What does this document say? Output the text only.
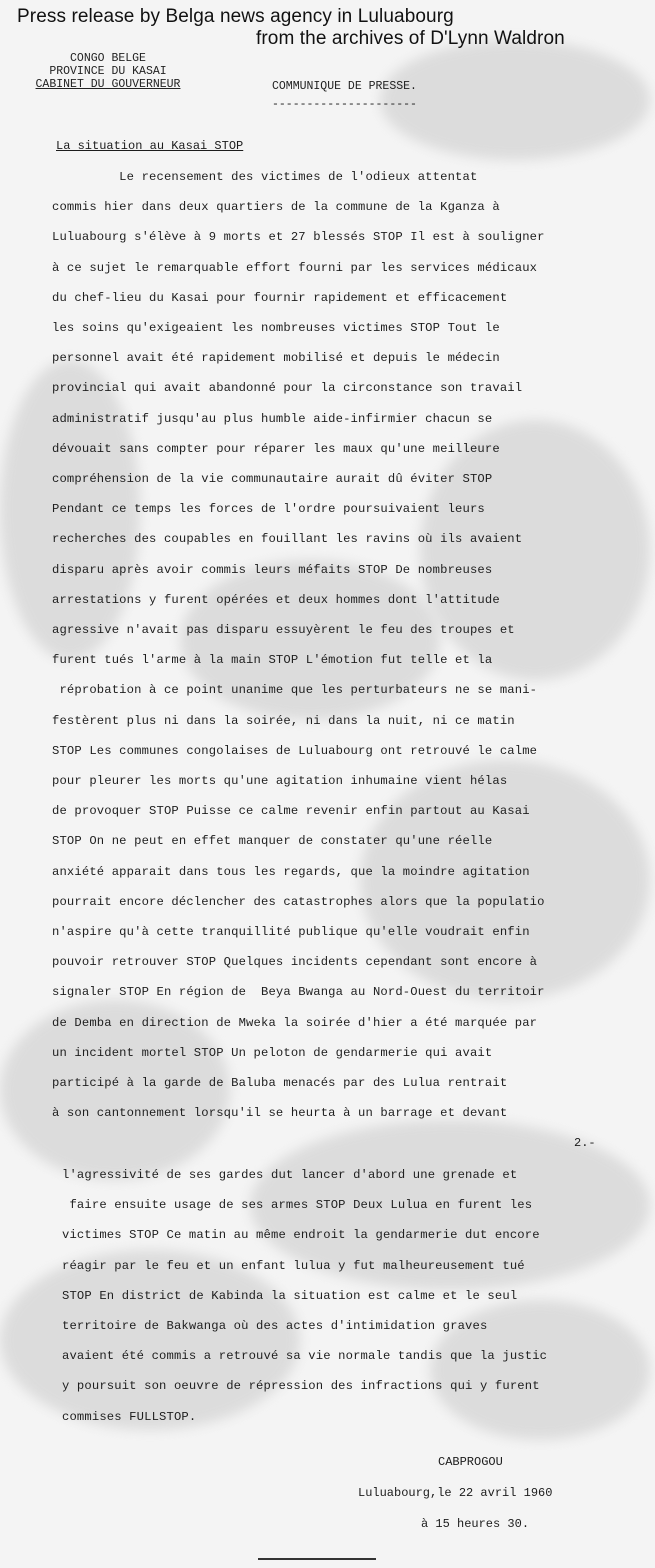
Press release by Belga news agency in Luluabourg
from the archives of D'Lynn Waldron
CONGO BELGE
PROVINCE DU KASAI
CABINET DU GOUVERNEUR	COMMUNIQUE DE PRESSE.
---------------------
La situation au Kasai STOP
Le recensement des victimes de l'odieux attentat
commis hier dans deux quartiers de la commune de la Kganza à
Luluabourg s'élève à 9 morts et 27 blessés STOP Il est à souligner
à ce sujet le remarquable effort fourni par les services médicaux
du chef-lieu du Kasai pour fournir rapidement et efficacement
les soins qu'exigeaient les nombreuses victimes STOP Tout le
personnel avait été rapidement mobilisé et depuis le médecin
provincial qui avait abandonné pour la circonstance son travail
administratif jusqu'au plus humble aide-infirmier chacun se
dévouait sans compter pour réparer les maux qu'une meilleure
compréhension de la vie communautaire aurait dû éviter STOP
Pendant ce temps les forces de l'ordre poursuivaient leurs
recherches des coupables en fouillant les ravins où ils avaient
disparu après avoir commis leurs méfaits STOP De nombreuses
arrestations y furent opérées et deux hommes dont l'attitude
agressive n'avait pas disparu essuyèrent le feu des troupes et
furent tués l'arme à la main STOP L'émotion fut telle et la
réprobation à ce point unanime que les perturbateurs ne se mani-
festèrent plus ni dans la soirée, ni dans la nuit, ni ce matin
STOP Les communes congolaises de Luluabourg ont retrouvé le calme
pour pleurer les morts qu'une agitation inhumaine vient hélas
de provoquer STOP Puisse ce calme revenir enfin partout au Kasai
STOP On ne peut en effet manquer de constater qu'une réelle
anxiété apparait dans tous les regards, que la moindre agitation
pourrait encore déclencher des catastrophes alors que la populatio
n'aspire qu'à cette tranquillité publique qu'elle voudrait enfin
pouvoir retrouver STOP Quelques incidents cependant sont encore à
signaler STOP En région de  Beya Bwanga au Nord-Ouest du territoir
de Demba en direction de Mweka la soirée d'hier a été marquée par
un incident mortel STOP Un peloton de gendarmerie qui avait
participé à la garde de Baluba menacés par des Lulua rentrait
à son cantonnement lorsqu'il se heurta à un barrage et devant
2.-
l'agressivité de ses gardes dut lancer d'abord une grenade et
faire ensuite usage de ses armes STOP Deux Lulua en furent les
victimes STOP Ce matin au même endroit la gendarmerie dut encore
réagir par le feu et un enfant lulua y fut malheureusement tué
STOP En district de Kabinda la situation est calme et le seul
territoire de Bakwanga où des actes d'intimidation graves
avaient été commis a retrouvé sa vie normale tandis que la justic
y poursuit son oeuvre de répression des infractions qui y furent
commises FULLSTOP.
CABPROGOU
Luluabourg,le 22 avril 1960
à 15 heures 30.
